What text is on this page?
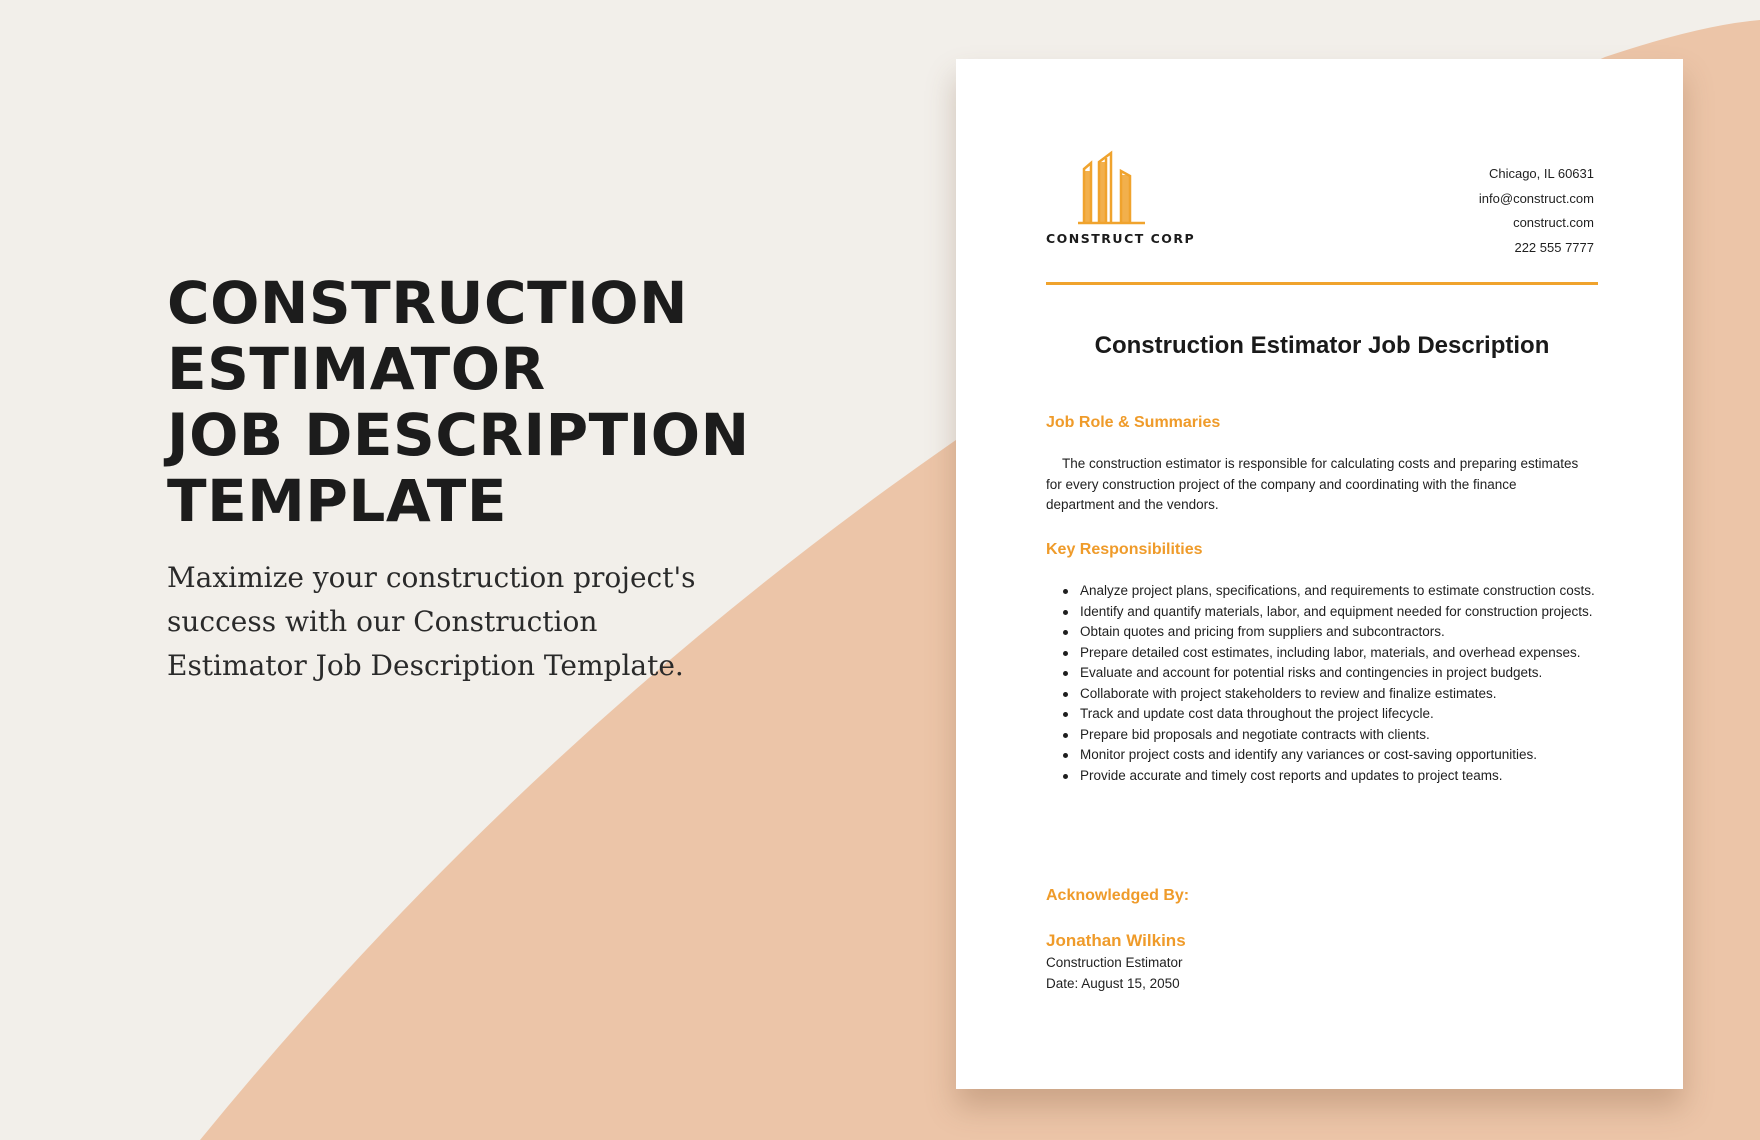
CONSTRUCTION
ESTIMATOR
JOB DESCRIPTION
TEMPLATE

Maximize your construction project's success with our Construction Estimator Job Description Template.

CONSTRUCT CORP
Chicago, IL 60631
info@construct.com
construct.com
222 555 7777
Construction Estimator Job Description
Job Role & Summaries

The construction estimator is responsible for calculating costs and preparing estimates for every construction project of the company and coordinating with the finance department and the vendors.

Key Responsibilities
Analyze project plans, specifications, and requirements to estimate construction costs.
Identify and quantify materials, labor, and equipment needed for construction projects.
Obtain quotes and pricing from suppliers and subcontractors.
Prepare detailed cost estimates, including labor, materials, and overhead expenses.
Evaluate and account for potential risks and contingencies in project budgets.
Collaborate with project stakeholders to review and finalize estimates.
Track and update cost data throughout the project lifecycle.
Prepare bid proposals and negotiate contracts with clients.
Monitor project costs and identify any variances or cost-saving opportunities.
Provide accurate and timely cost reports and updates to project teams.
Acknowledged By:
Jonathan Wilkins
Construction Estimator
Date: August 15, 2050
